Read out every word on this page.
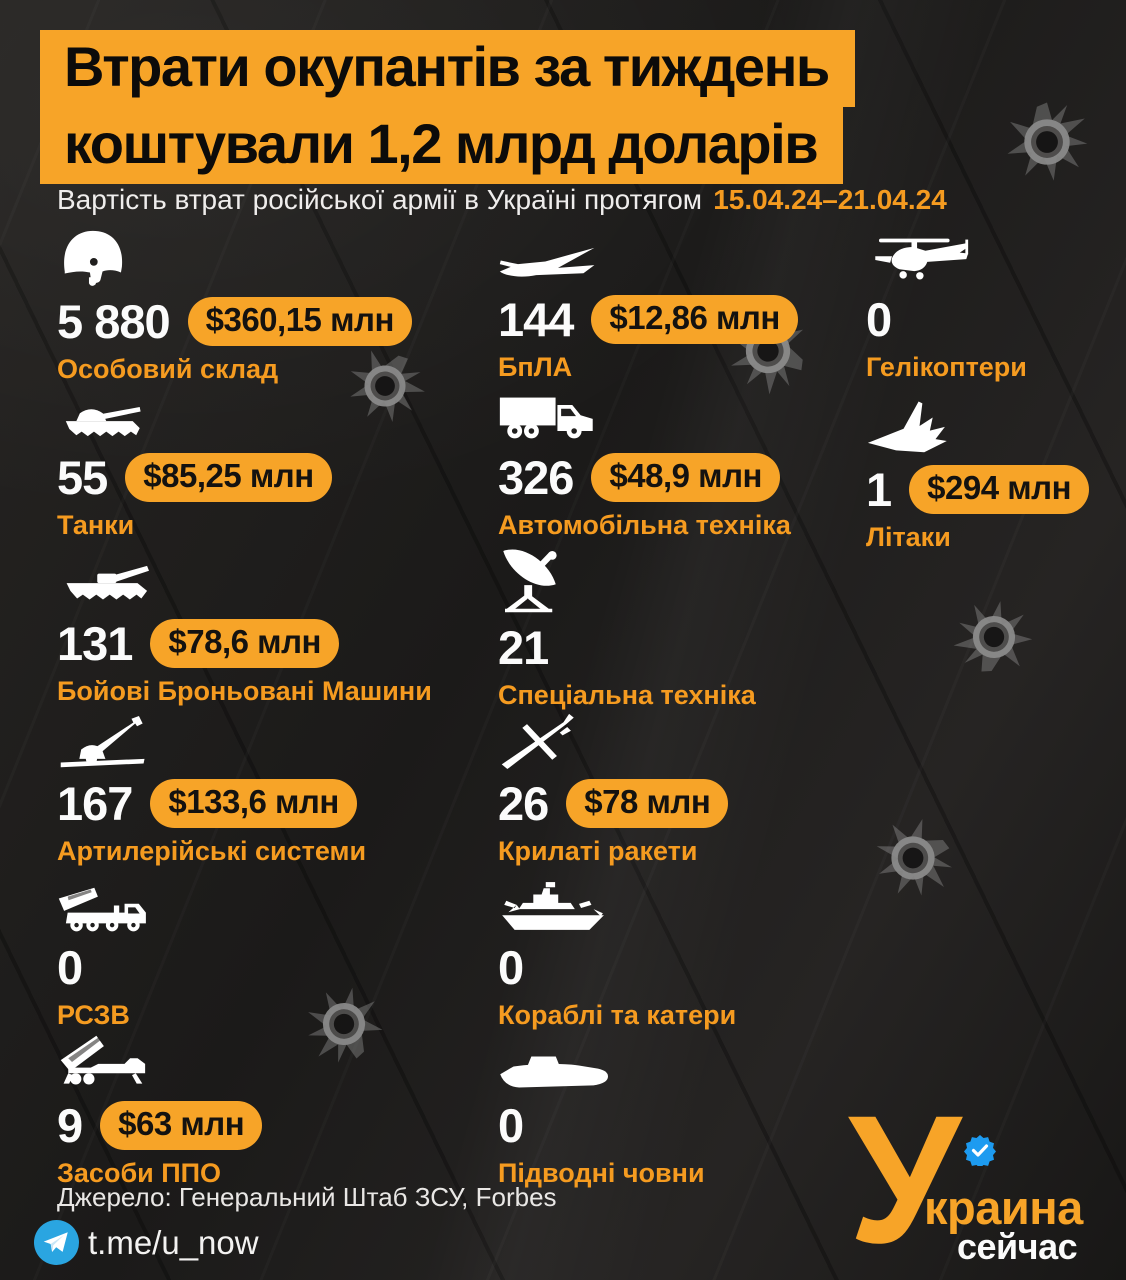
Втрати окупантів за тиждень
коштували 1,2 млрд доларів
Вартість втрат російської армії в Україні протягом 15.04.24–21.04.24
5 880	$360,15 млн
Особовий склад
144	$12,86 млн
БпЛА
0
Гелікоптери
55	$85,25 млн
Танки
326	$48,9 млн
Автомобільна техніка
1	$294 млн
Літаки
131	$78,6 млн
Бойові Броньовані Машини
21
Спеціальна техніка
167	$133,6 млн
Артилерійські системи
26	$78 млн
Крилаті ракети
0
РСЗВ
0
Кораблі та катери
9	$63 млн
Засоби ППО
0
Підводні човни
Джерело: Генеральний Штаб ЗСУ, Forbes
t.me/u_now	У
краина
сейчас
